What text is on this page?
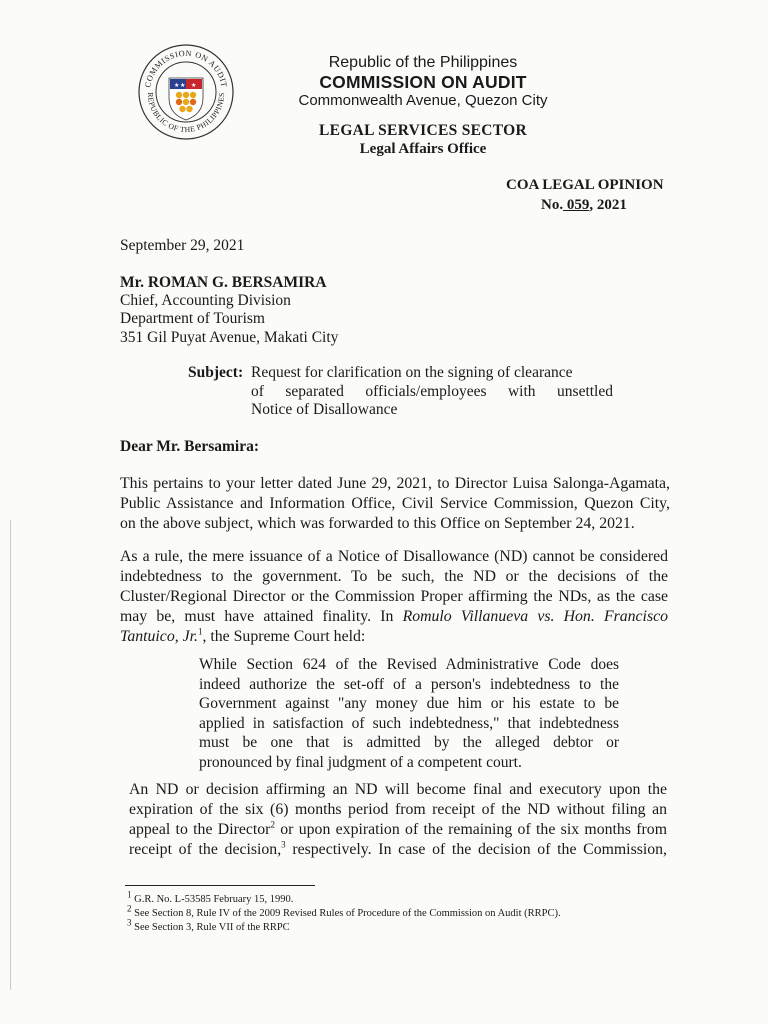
COMMISSION ON AUDIT
REPUBLIC OF THE PHILIPPINES
★ ★ ★
Republic of the Philippines
COMMISSION ON AUDIT
Commonwealth Avenue, Quezon City
LEGAL SERVICES SECTOR
Legal Affairs Office
COA LEGAL OPINION
No. 059, 2021
September 29, 2021
Mr. ROMAN G. BERSAMIRA
Chief, Accounting Division
Department of Tourism
351 Gil Puyat Avenue, Makati City
Subject: Request for clarification on the signing of clearance
of separated officials/employees with unsettled
Notice of Disallowance
Dear Mr. Bersamira:
This pertains to your letter dated June 29, 2021, to Director Luisa Salonga-Agamata,
Public Assistance and Information Office, Civil Service Commission, Quezon City,
on the above subject, which was forwarded to this Office on September 24, 2021.
As a rule, the mere issuance of a Notice of Disallowance (ND) cannot be considered
indebtedness to the government. To be such, the ND or the decisions of the
Cluster/Regional Director or the Commission Proper affirming the NDs, as the case
may be, must have attained finality. In Romulo Villanueva vs. Hon. Francisco
Tantuico, Jr.$^1$, the Supreme Court held:
While Section 624 of the Revised Administrative Code does
indeed authorize the set-off of a person's indebtedness to the
Government against "any money due him or his estate to be
applied in satisfaction of such indebtedness," that indebtedness
must be one that is admitted by the alleged debtor or
pronounced by final judgment of a competent court.
An ND or decision affirming an ND will become final and executory upon the
expiration of the six (6) months period from receipt of the ND without filing an
appeal to the Director$^2$ or upon expiration of the remaining of the six months from
receipt of the decision,$^3$ respectively. In case of the decision of the Commission,
$^1$ G.R. No. L-53585 February 15, 1990.
$^2$ See Section 8, Rule IV of the 2009 Revised Rules of Procedure of the Commission on Audit (RRPC).
$^3$ See Section 3, Rule VII of the RRPC
